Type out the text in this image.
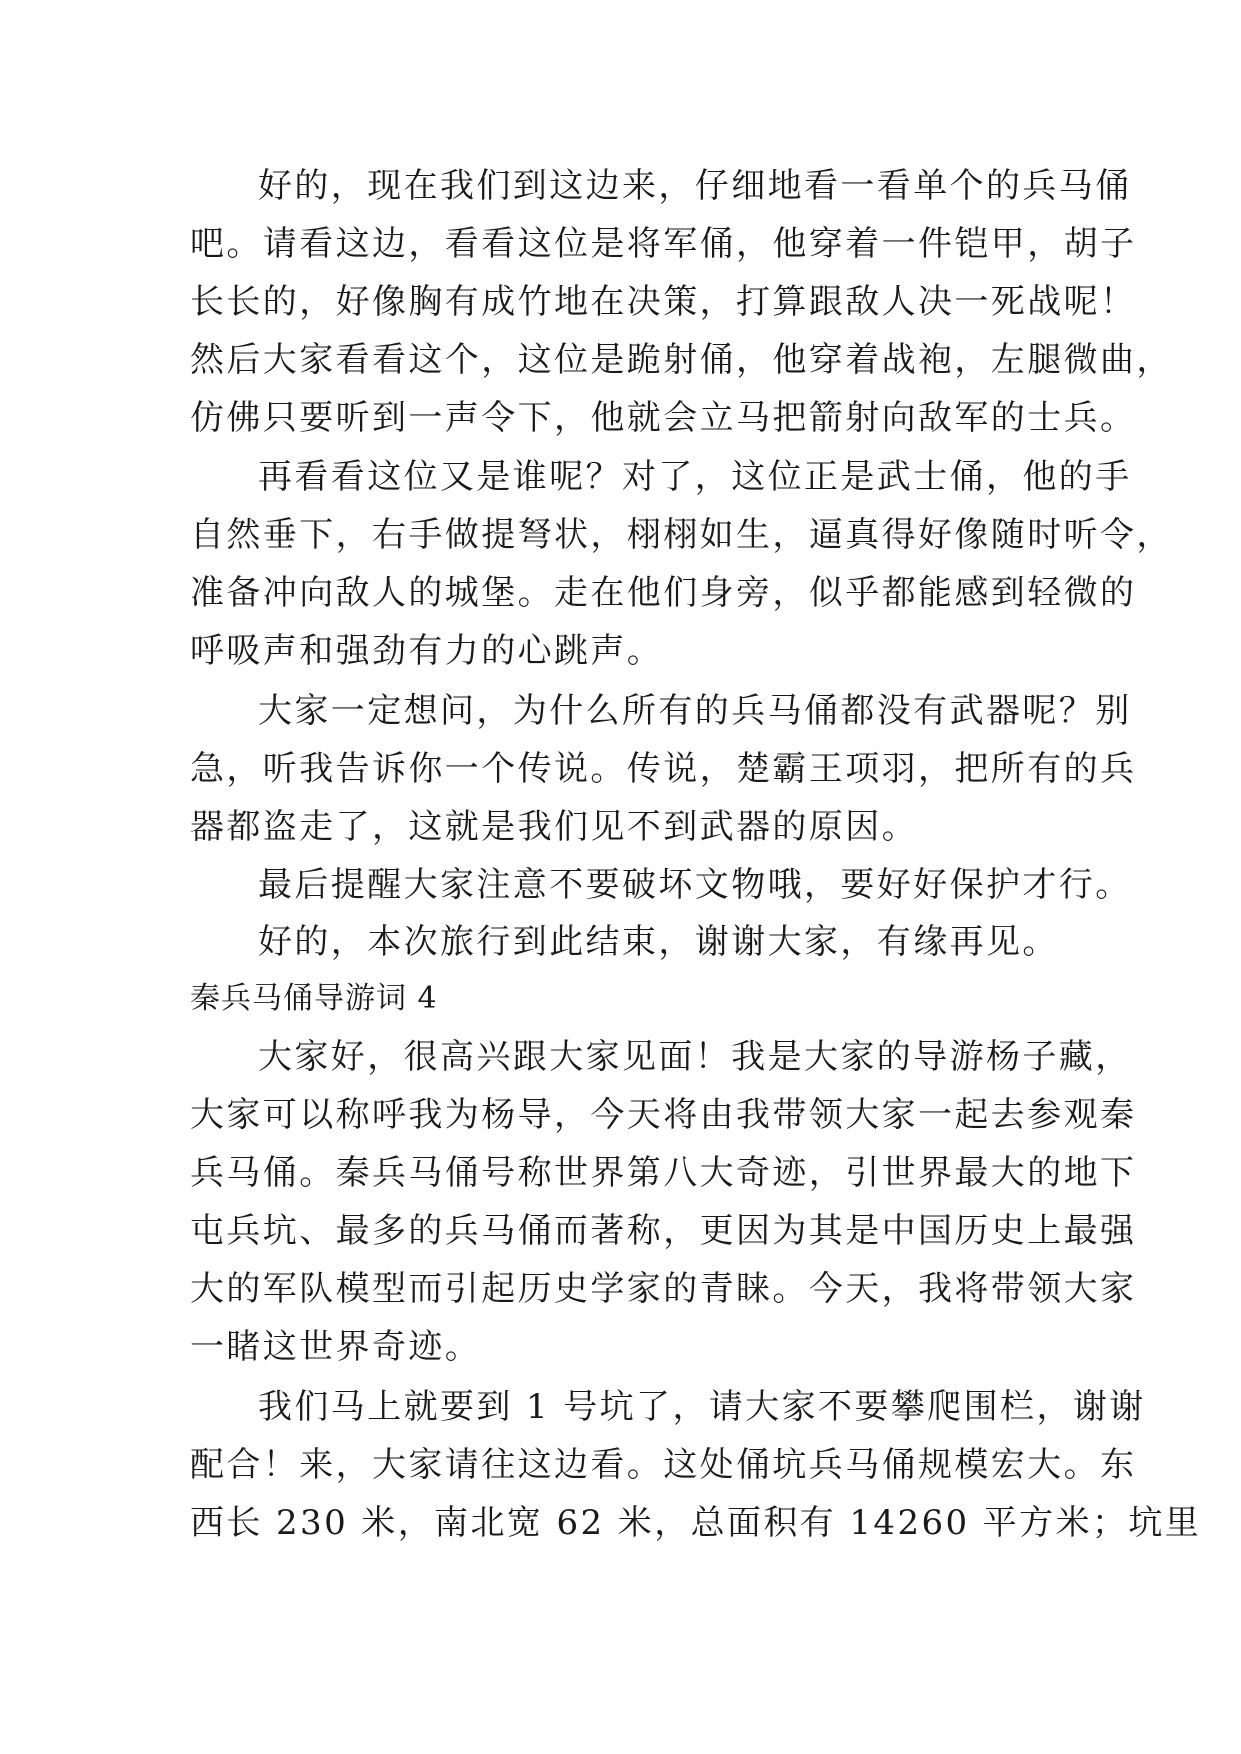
好的，现在我们到这边来，仔细地看一看单个的兵马俑
吧。请看这边，看看这位是将军俑，他穿着一件铠甲，胡子
长长的，好像胸有成竹地在决策，打算跟敌人决一死战呢！
然后大家看看这个，这位是跪射俑，他穿着战袍，左腿微曲，
仿佛只要听到一声令下，他就会立马把箭射向敌军的士兵。
再看看这位又是谁呢？对了，这位正是武士俑，他的手
自然垂下，右手做提弩状，栩栩如生，逼真得好像随时听令，
准备冲向敌人的城堡。走在他们身旁，似乎都能感到轻微的
呼吸声和强劲有力的心跳声。
大家一定想问，为什么所有的兵马俑都没有武器呢？别
急，听我告诉你一个传说。传说，楚霸王项羽，把所有的兵
器都盗走了，这就是我们见不到武器的原因。
最后提醒大家注意不要破坏文物哦，要好好保护才行。
好的，本次旅行到此结束，谢谢大家，有缘再见。
秦兵马俑导游词 4
大家好，很高兴跟大家见面！我是大家的导游杨子藏，
大家可以称呼我为杨导，今天将由我带领大家一起去参观秦
兵马俑。秦兵马俑号称世界第八大奇迹，引世界最大的地下
屯兵坑、最多的兵马俑而著称，更因为其是中国历史上最强
大的军队模型而引起历史学家的青睐。今天，我将带领大家
一睹这世界奇迹。
我们马上就要到 1 号坑了，请大家不要攀爬围栏，谢谢
配合！来，大家请往这边看。这处俑坑兵马俑规模宏大。东
西长 230 米，南北宽 62 米，总面积有 14260 平方米；坑里
